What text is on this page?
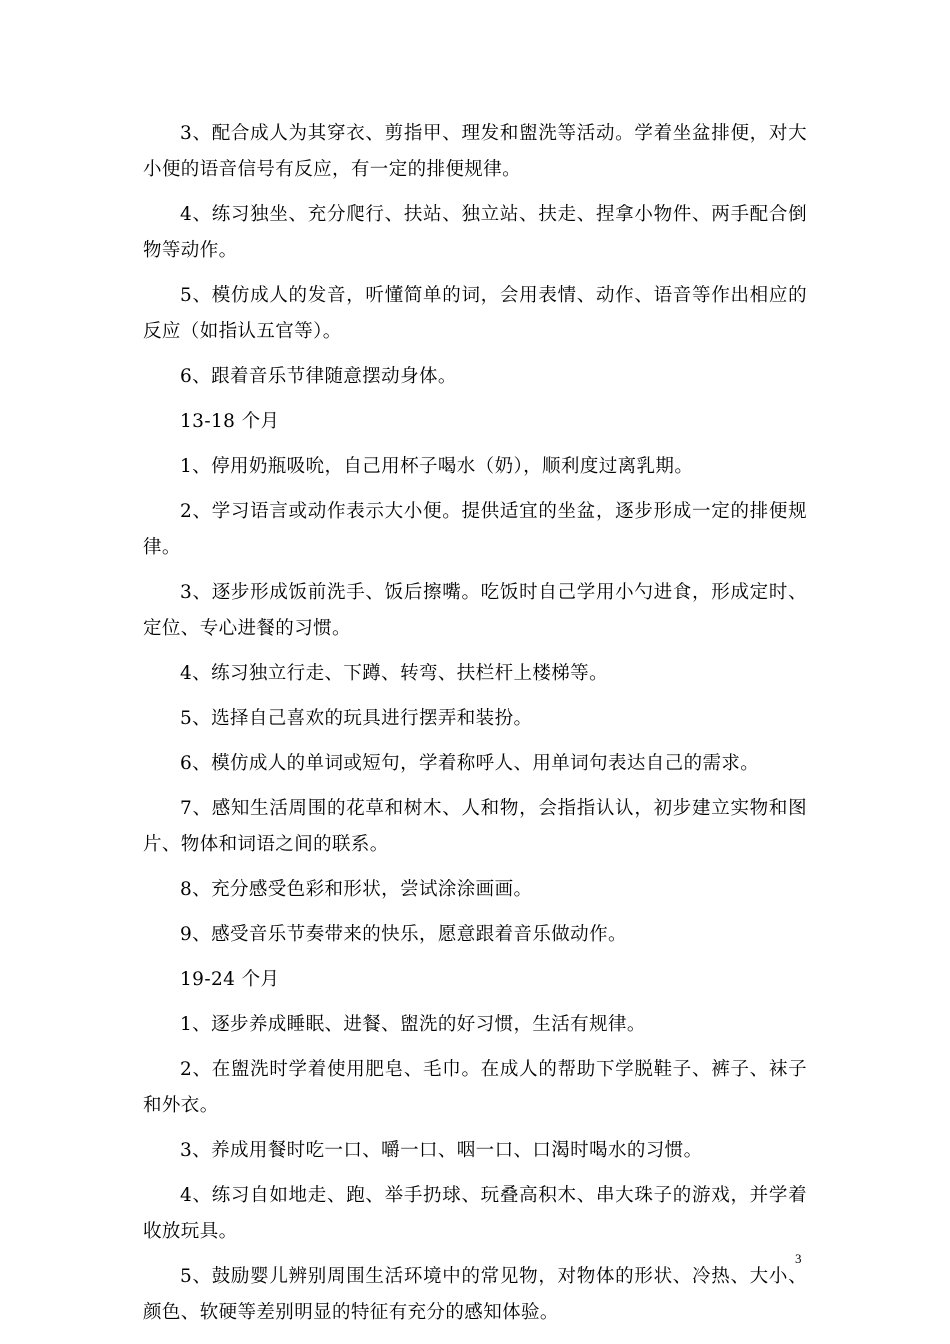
3、配合成人为其穿衣、剪指甲、理发和盥洗等活动。学着坐盆排便，对大小便的语音信号有反应，有一定的排便规律。

4、练习独坐、充分爬行、扶站、独立站、扶走、捏拿小物件、两手配合倒物等动作。

5、模仿成人的发音，听懂简单的词，会用表情、动作、语音等作出相应的反应（如指认五官等）。

6、跟着音乐节律随意摆动身体。

13-18 个月

1、停用奶瓶吸吮，自己用杯子喝水（奶），顺利度过离乳期。

2、学习语言或动作表示大小便。提供适宜的坐盆，逐步形成一定的排便规律。

3、逐步形成饭前洗手、饭后擦嘴。吃饭时自己学用小勺进食，形成定时、定位、专心进餐的习惯。

4、练习独立行走、下蹲、转弯、扶栏杆上楼梯等。

5、选择自己喜欢的玩具进行摆弄和装扮。

6、模仿成人的单词或短句，学着称呼人、用单词句表达自己的需求。

7、感知生活周围的花草和树木、人和物，会指指认认，初步建立实物和图片、物体和词语之间的联系。

8、充分感受色彩和形状，尝试涂涂画画。

9、感受音乐节奏带来的快乐，愿意跟着音乐做动作。

19-24 个月

1、逐步养成睡眠、进餐、盥洗的好习惯，生活有规律。

2、在盥洗时学着使用肥皂、毛巾。在成人的帮助下学脱鞋子、裤子、袜子和外衣。

3、养成用餐时吃一口、嚼一口、咽一口、口渴时喝水的习惯。

4、练习自如地走、跑、举手扔球、玩叠高积木、串大珠子的游戏，并学着收放玩具。

5、鼓励婴儿辨别周围生活环境中的常见物，对物体的形状、冷热、大小、颜色、软硬等差别明显的特征有充分的感知体验。

3
